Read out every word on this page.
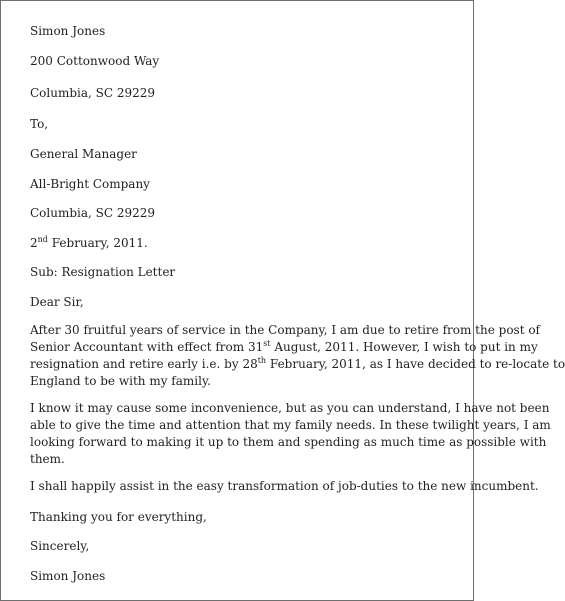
Simon Jones
200 Cottonwood Way
Columbia, SC 29229
To,
General Manager
All-Bright Company
Columbia, SC 29229
2nd February, 2011.
Sub: Resignation Letter
Dear Sir,
After 30 fruitful years of service in the Company, I am due to retire from the post of
Senior Accountant with effect from 31st August, 2011. However, I wish to put in my
resignation and retire early i.e. by 28th February, 2011, as I have decided to re-locate to
England to be with my family.
I know it may cause some inconvenience, but as you can understand, I have not been
able to give the time and attention that my family needs. In these twilight years, I am
looking forward to making it up to them and spending as much time as possible with
them.
I shall happily assist in the easy transformation of job-duties to the new incumbent.
Thanking you for everything,
Sincerely,
Simon Jones
